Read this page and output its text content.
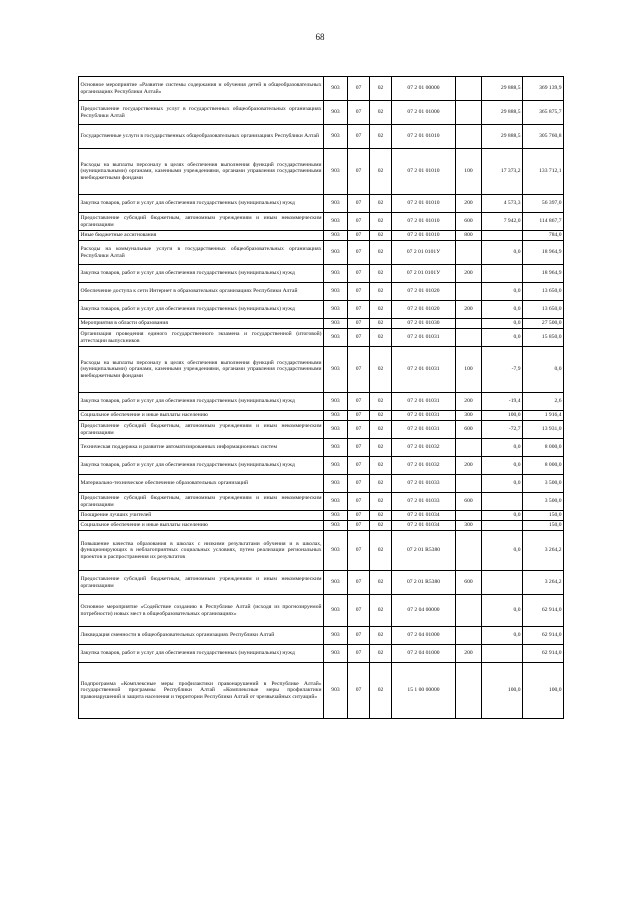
68
Основное мероприятие «Развитие системы содержания и обучения детей в общеобразовательных организациях Республики Алтай»	903	07	02	07 2 01 00000		29 888,5	369 139,9
Предоставление государственных услуг в государственных общеобразовательных организациях Республики Алтай	903	07	02	07 2 01 01000		29 888,5	365 875,7
Государственные услуги в государственных общеобразовательных организациях Республики Алтай	903	07	02	07 2 01 01010		29 888,5	305 760,8
Расходы на выплаты персоналу в целях обеспечения выполнения функций государственными (муниципальными) органами, казенными учреждениями, органами управления государственными внебюджетными фондами	903	07	02	07 2 01 01010	100	17 373,2	133 712,1
Закупка товаров, работ и услуг для обеспечения государственных (муниципальных) нужд	903	07	02	07 2 01 01010	200	4 573,3	56 397,0
Предоставление субсидий бюджетным, автономным учреждениям и иным некоммерческим организациям	903	07	02	07 2 01 01010	600	7 942,0	114 867,7
Иные бюджетные ассигнования	903	07	02	07 2 01 01010	800		784,0
Расходы на коммунальные услуги в государственных общеобразовательных организациях Республики Алтай	903	07	02	07 2 01 0101У		0,0	18 964,9
Закупка товаров, работ и услуг для обеспечения государственных (муниципальных) нужд	903	07	02	07 2 01 0101У	200		18 964,9
Обеспечение доступа к сети Интернет в образовательных организациях Республики Алтай	903	07	02	07 2 01 01020		0,0	13 650,0
Закупка товаров, работ и услуг для обеспечения государственных (муниципальных) нужд	903	07	02	07 2 01 01020	200	0,0	13 650,0
Мероприятия в области образования	903	07	02	07 2 01 01030		0,0	27 500,0
Организация проведения единого государственного экзамена и государственной (итоговой) аттестации выпускников	903	07	02	07 2 01 01031		0,0	15 850,0
Расходы на выплаты персоналу в целях обеспечения выполнения функций государственными (муниципальными) органами, казенными учреждениями, органами управления государственными внебюджетными фондами	903	07	02	07 2 01 01031	100	-7,9	0,0
Закупка товаров, работ и услуг для обеспечения государственных (муниципальных) нужд	903	07	02	07 2 01 01031	200	-19,4	2,6
Социальное обеспечение и иные выплаты населению	903	07	02	07 2 01 01031	300	100,0	1 916,4
Предоставление субсидий бюджетным, автономным учреждениям и иным некоммерческим организациям	903	07	02	07 2 01 01031	600	-72,7	13 931,0
Техническая поддержка и развитие автоматизированных информационных систем	903	07	02	07 2 01 01032		0,0	8 000,0
Закупка товаров, работ и услуг для обеспечения государственных (муниципальных) нужд	903	07	02	07 2 01 01032	200	0,0	8 000,0
Материально-техническое обеспечение образовательных организаций	903	07	02	07 2 01 01033		0,0	3 500,0
Предоставление субсидий бюджетным, автономным учреждениям и иным некоммерческим организациям	903	07	02	07 2 01 01033	600		3 500,0
Поощрение лучших учителей	903	07	02	07 2 01 01034		0,0	150,0
Социальное обеспечение и иные выплаты населению	903	07	02	07 2 01 01034	300		150,0
Повышение качества образования в школах с низкими результатами обучения и в школах, функционирующих в неблагоприятных социальных условиях, путем реализации региональных проектов и распространения их результатов	903	07	02	07 2 01 R5380		0,0	3 264,2
Предоставление субсидий бюджетным, автономным учреждениям и иным некоммерческим организациям	903	07	02	07 2 01 R5380	600		3 264,2
Основное мероприятие «Содействие созданию в Республике Алтай (исходя из прогнозируемой потребности) новых мест в общеобразовательных организациях»	903	07	02	07 2 04 00000		0,0	62 914,0
Ликвидация сменности в общеобразовательных организациях Республики Алтай	903	07	02	07 2 04 01000		0,0	62 914,0
Закупка товаров, работ и услуг для обеспечения государственных (муниципальных) нужд	903	07	02	07 2 04 01000	200		62 914,0
Подпрограмма «Комплексные меры профилактики правонарушений в Республике Алтай» государственной программы Республики Алтай «Комплексные меры профилактики правонарушений и защита населения и территории Республики Алтай от чрезвычайных ситуаций»	903	07	02	15 1 00 00000		100,0	100,0
